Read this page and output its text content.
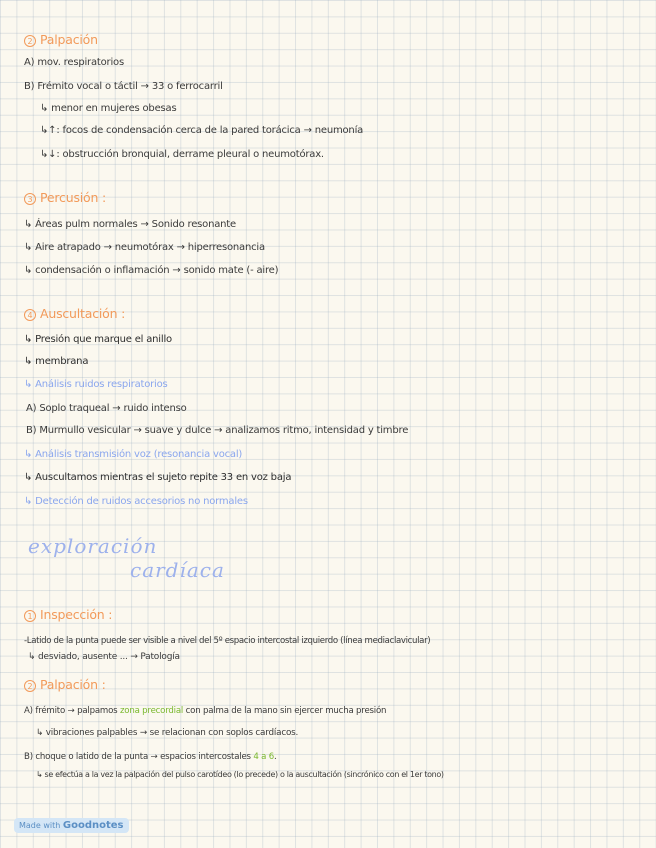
2 Palpación
A) mov. respiratorios
B) Frémito vocal o táctil → 33 o ferrocarril
↳ menor en mujeres obesas
↳↑: focos de condensación cerca de la pared torácica → neumonía
↳↓: obstrucción bronquial, derrame pleural o neumotórax.
3 Percusión :
↳ Áreas pulm normales → Sonido resonante
↳ Aire atrapado → neumotórax → hiperresonancia
↳ condensación o inflamación → sonido mate (- aire)
4 Auscultación :
↳ Presión que marque el anillo
↳ membrana
↳ Análisis ruidos respiratorios
A) Soplo traqueal → ruido intenso
B) Murmullo vesicular → suave y dulce → analizamos ritmo, intensidad y timbre
↳ Análisis transmisión voz (resonancia vocal)
↳ Auscultamos mientras el sujeto repite 33 en voz baja
↳ Detección de ruidos accesorios no normales
exploración
cardíaca
1 Inspección :
-Latido de la punta puede ser visible a nivel del 5º espacio intercostal izquierdo (línea mediaclavicular)
↳ desviado, ausente ... → Patología
2 Palpación :
A) frémito → palpamos zona precordial con palma de la mano sin ejercer mucha presión
↳ vibraciones palpables → se relacionan con soplos cardíacos.
B) choque o latido de la punta → espacios intercostales 4 a 6.
↳ se efectúa a la vez la palpación del pulso carotídeo (lo precede) o la auscultación (sincrónico con el 1er tono)
Made with Goodnotes
